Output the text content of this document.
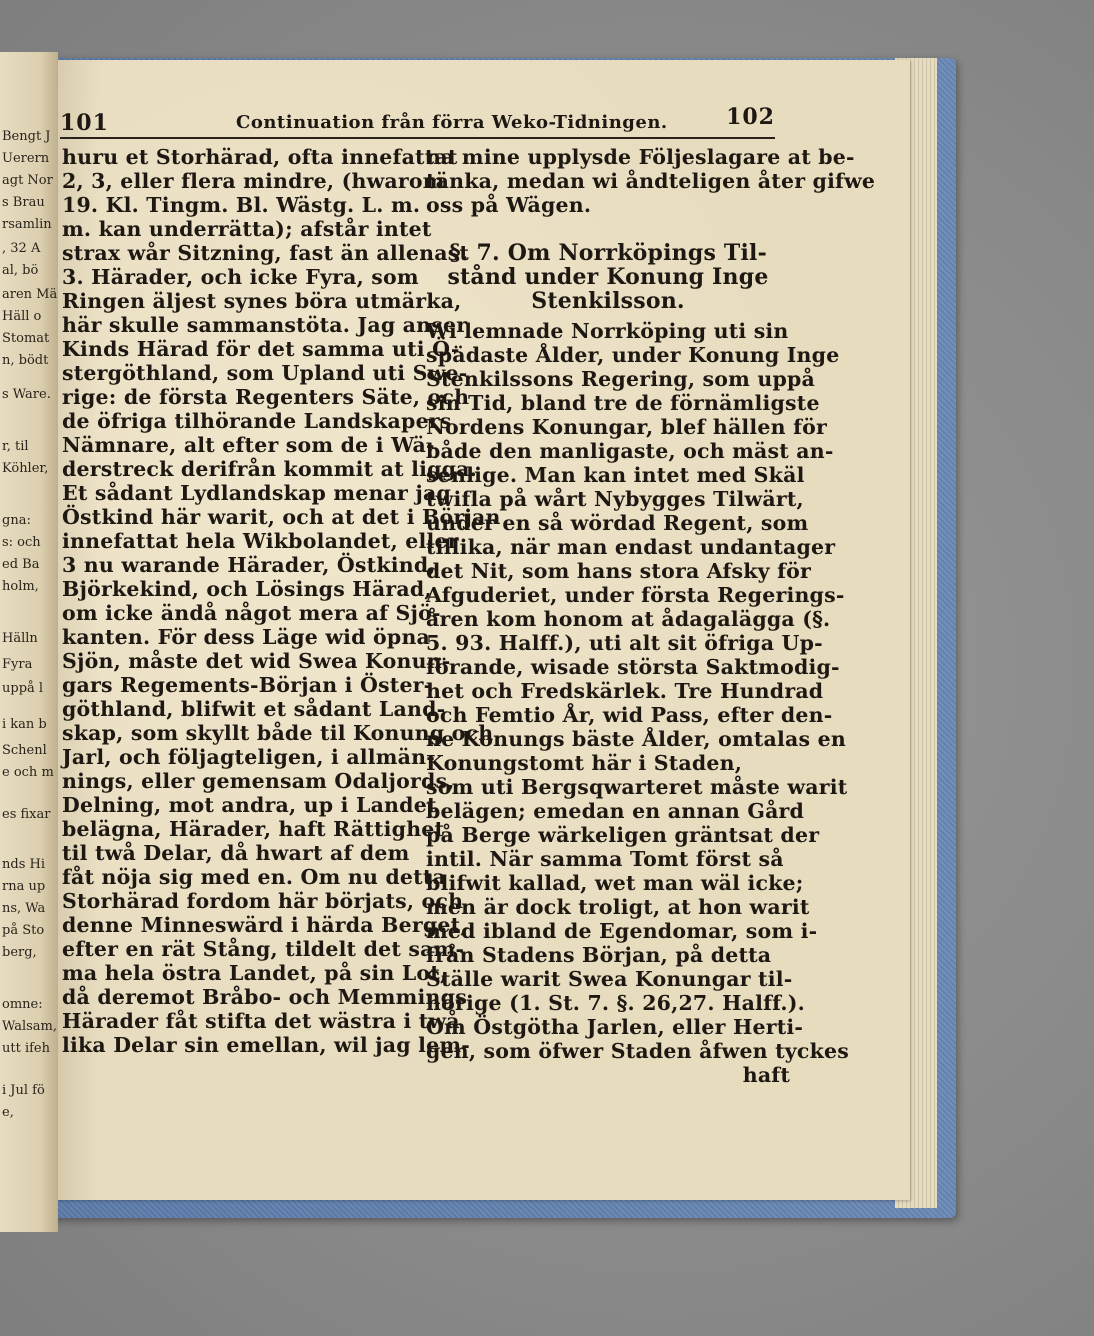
Bengt J
Uerern
agt Nor
s Brau
rsamlin
, 32 A
al, bö
aren Mä
Häll o
Stomat
n, bödt
s Ware.
r, til
Köhler,
gna:
s: och
ed Ba
holm,
Hälln
Fyra
uppå l
i kan b
Schenl
e och m
es fixar
nds Hi
rna up
ns, Wa
på Sto
berg,
omne:
Walsam,
utt ifeh
i Jul fö
e,
101	Continuation från förra Weko-Tidningen.	102
huru et Storhärad, ofta innefattat
2, 3, eller flera mindre, (hwarom
19. Kl. Tingm. Bl. Wästg. L. m.
m. kan underrätta); afstår intet
strax wår Sitzning, fast än allenast
3. Härader, och icke Fyra, som
Ringen äljest synes böra utmärka,
här skulle sammanstöta. Jag anser
Kinds Härad för det samma uti Ö-
stergöthland, som Upland uti Swe-
rige: de första Regenters Säte, och
de öfriga tilhörande Landskapers
Nämnare, alt efter som de i Wä-
derstreck derifrån kommit at ligga.
Et sådant Lydlandskap menar jag
Östkind här warit, och at det i Början
innefattat hela Wikbolandet, eller
3 nu warande Härader, Östkind,
Björkekind, och Lösings Härad,
om icke ändå något mera af Sjö-
kanten. För dess Läge wid öpna
Sjön, måste det wid Swea Konun-
gars Regements-Början i Öster-
göthland, blifwit et sådant Land-
skap, som skyllt både til Konung och
Jarl, och följagteligen, i allmän-
nings, eller gemensam Odaljords,
Delning, mot andra, up i Landet
belägna, Härader, haft Rättighet
til twå Delar, då hwart af dem
fåt nöja sig med en. Om nu detta
Storhärad fordom här börjats, och
denne Minneswärd i härda Berget,
efter en rät Stång, tildelt det sam-
ma hela östra Landet, på sin Lot,
då deremot Bråbo- och Memmings
Härader fåt stifta det wästra i twå
lika Delar sin emellan, wil jag lem-
na mine upplysde Följeslagare at be-
tänka, medan wi åndteligen åter gifwe
oss på Wägen.
§. 7. Om Norrköpings Til-
stånd under Konung Inge
Stenkilsson.
Wi lemnade Norrköping uti sin
spädaste Ålder, under Konung Inge
Stenkilssons Regering, som uppå
sin Tid, bland tre de förnämligste
Nordens Konungar, blef hällen för
både den manligaste, och mäst an-
senlige. Man kan intet med Skäl
twifla på wårt Nybygges Tilwärt,
under en så wördad Regent, som
tillika, när man endast undantager
det Nit, som hans stora Afsky för
Afguderiet, under första Regerings-
åren kom honom at ådagalägga (§.
5. 93. Halff.), uti alt sit öfriga Up-
förande, wisade största Saktmodig-
het och Fredskärlek. Tre Hundrad
och Femtio År, wid Pass, efter den-
ne Konungs bäste Ålder, omtalas en
Konungstomt här i Staden,
som uti Bergsqwarteret måste warit
belägen; emedan en annan Gård
på Berge wärkeligen gräntsat der
intil. När samma Tomt först så
blifwit kallad, wet man wäl icke;
men är dock troligt, at hon warit
med ibland de Egendomar, som i-
från Stadens Början, på detta
Ställe warit Swea Konungar til-
hörige (1. St. 7. §. 26,27. Halff.).
Om Östgötha Jarlen, eller Herti-
gen, som öfwer Staden åfwen tyckes
haft
